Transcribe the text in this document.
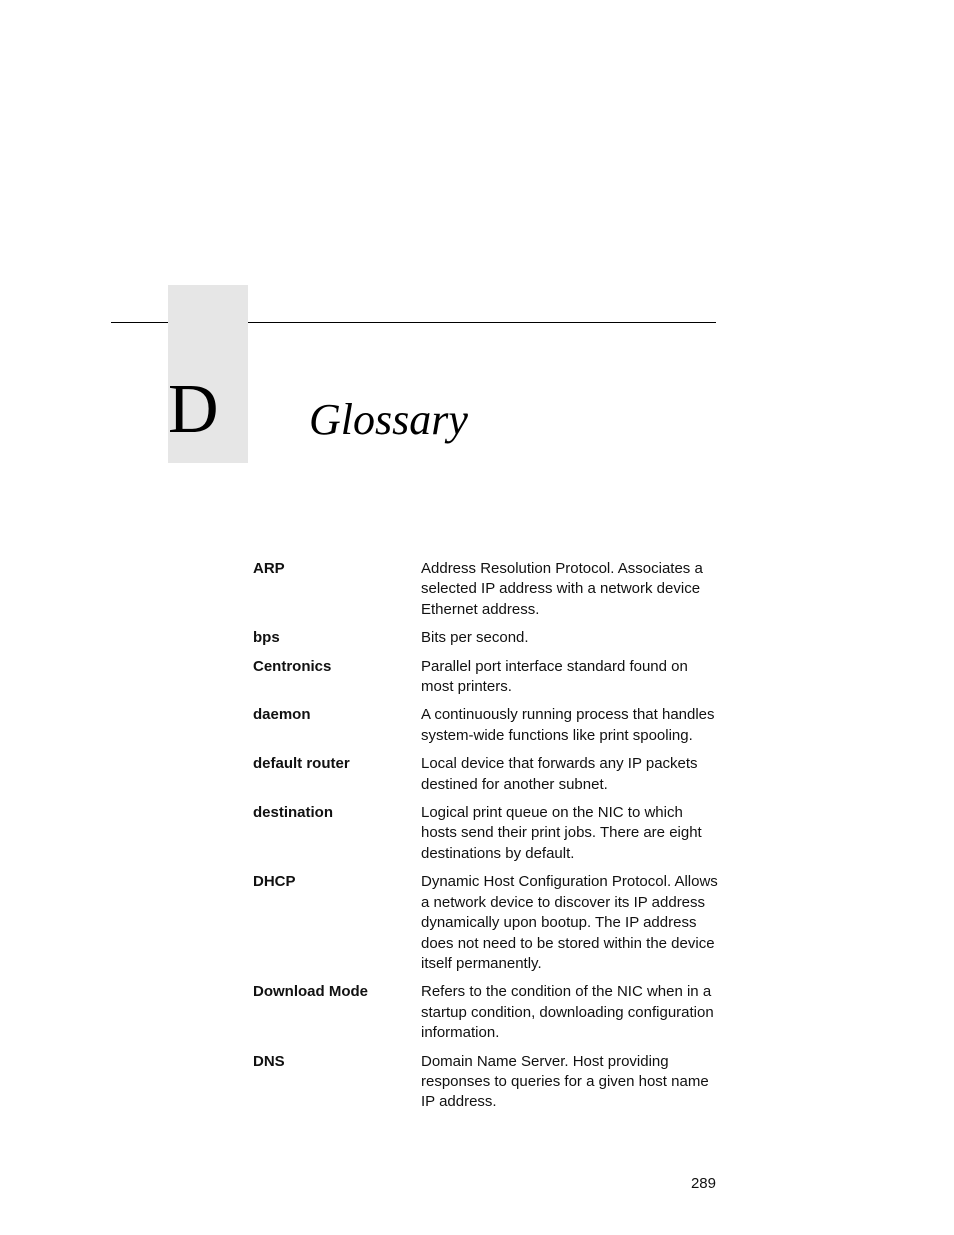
D Glossary
ARP	Address Resolution Protocol. Associates a selected IP address with a network device Ethernet address.
bps	Bits per second.
Centronics	Parallel port interface standard found on most printers.
daemon	A continuously running process that handles system-wide functions like print spooling.
default router	Local device that forwards any IP packets destined for another subnet.
destination	Logical print queue on the NIC to which hosts send their print jobs. There are eight destinations by default.
DHCP	Dynamic Host Configuration Protocol. Allows a network device to discover its IP address dynamically upon bootup. The IP address does not need to be stored within the device itself permanently.
Download Mode	Refers to the condition of the NIC when in a startup condition, downloading configuration information.
DNS	Domain Name Server. Host providing responses to queries for a given host name IP address.
289
